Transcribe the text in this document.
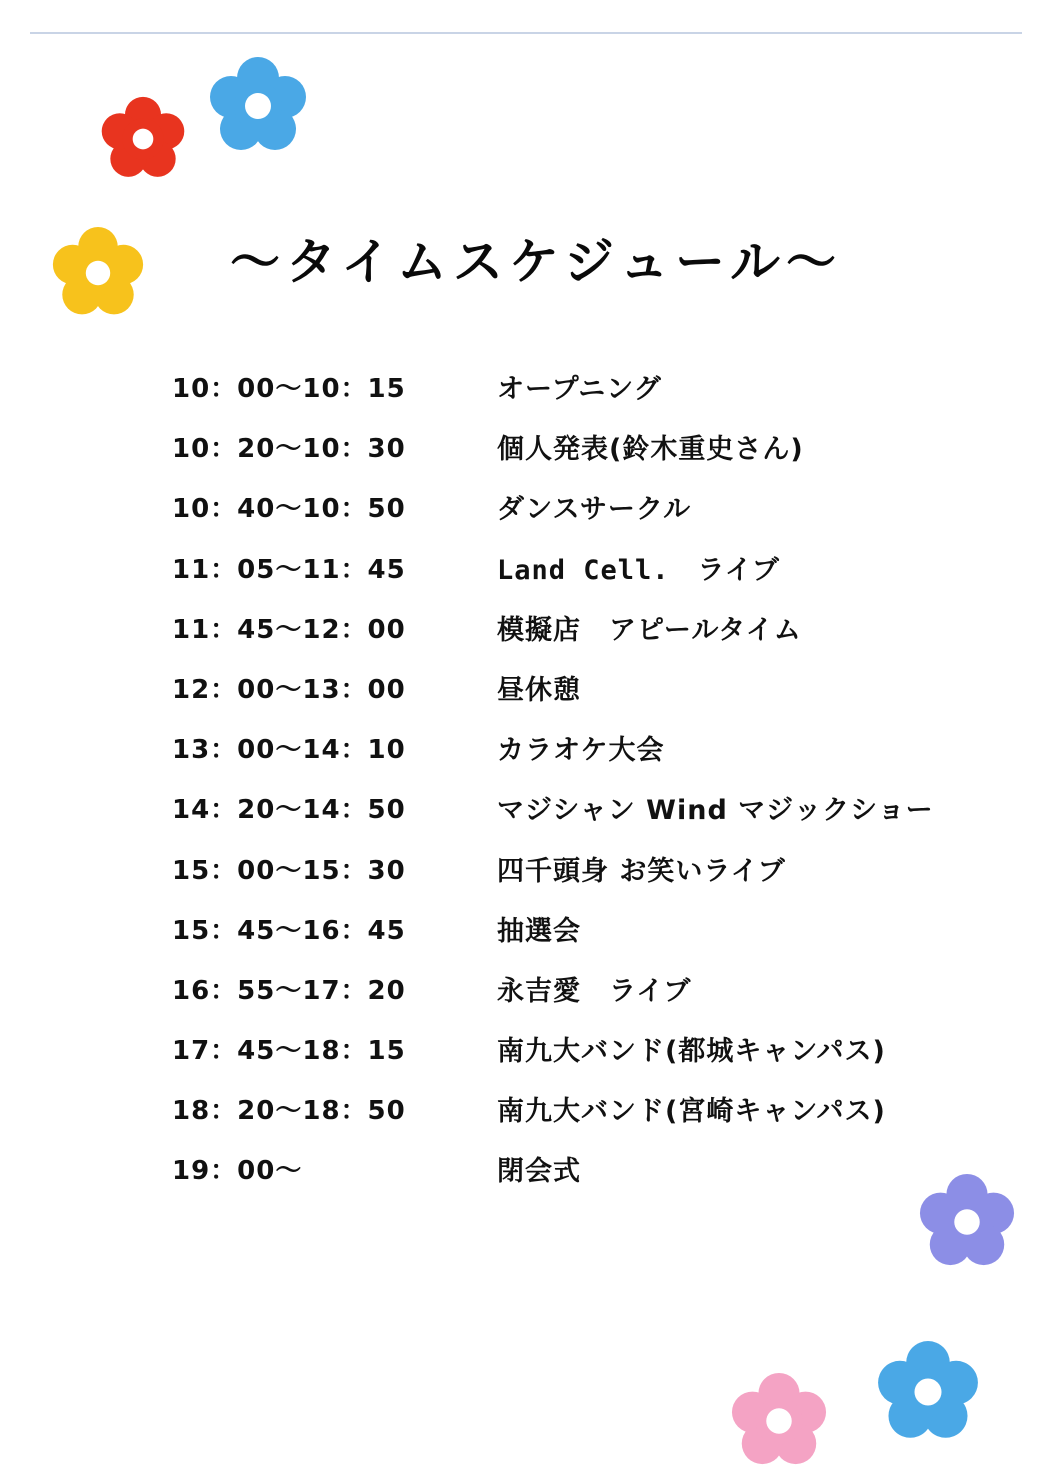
〜タイムスケジュール〜
10：00〜10：15	オープニング
10：20〜10：30	個人発表(鈴木重史さん)
10：40〜10：50	ダンスサークル
11：05〜11：45	Land Cell.　ライブ
11：45〜12：00	模擬店　アピールタイム
12：00〜13：00	昼休憩
13：00〜14：10	カラオケ大会
14：20〜14：50	マジシャン Wind マジックショー
15：00〜15：30	四千頭身 お笑いライブ
15：45〜16：45	抽選会
16：55〜17：20	永吉愛　ライブ
17：45〜18：15	南九大バンド(都城キャンパス)
18：20〜18：50	南九大バンド(宮崎キャンパス)
19：00〜	閉会式
